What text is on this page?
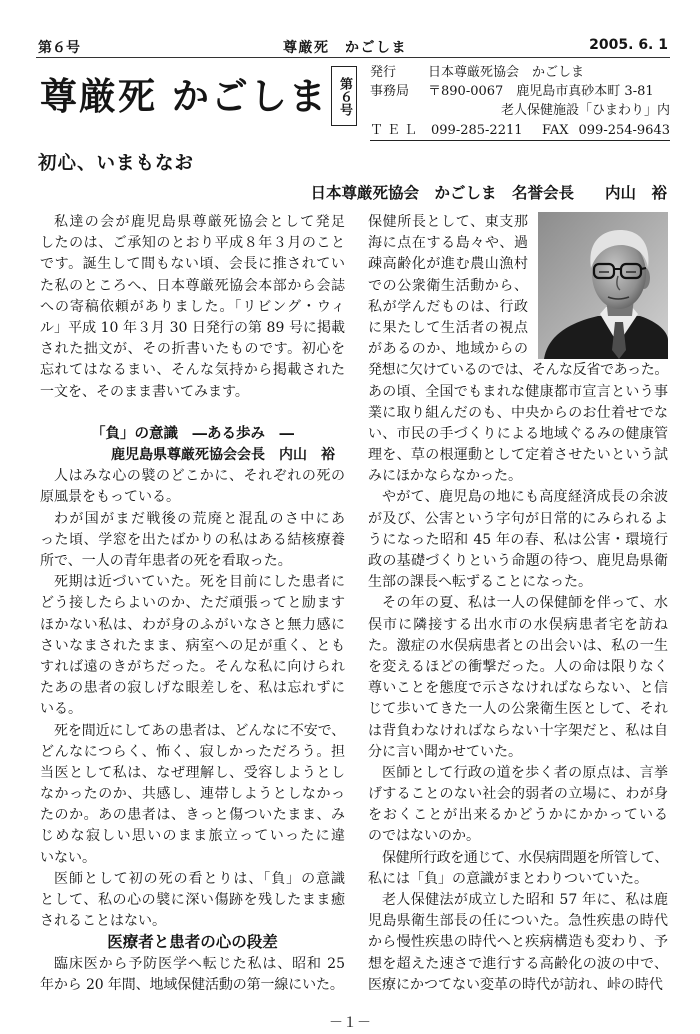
第６号	尊厳死　かごしま	2005. 6. 1
尊厳死 かごしま 第６号
発行	日本尊厳死協会　かごしま
事務局	〒890-0067　鹿児島市真砂本町 3-81
老人保健施設「ひまわり」内
ＴＥＬ 099-285-2211 FAX 099-254-9643
初心、いまもなお
日本尊厳死協会　かごしま　名誉会長　　内山　裕
私達の会が鹿児島県尊厳死協会として発足
したのは、ご承知のとおり平成８年３月のこと
です。誕生して間もない頃、会長に推されてい
た私のところへ、日本尊厳死協会本部から会誌
への寄稿依頼がありました。「リビング・ウィ
ル」平成 10 年３月 30 日発行の第 89 号に掲載
された拙文が、その折書いたものです。初心を
忘れてはなるまい、そんな気持から掲載された
一文を、そのまま書いてみます。
「負」の意識　―ある歩み　―
鹿児島県尊厳死協会会長　内山　裕
人はみな心の襞のどこかに、それぞれの死の
原風景をもっている。
わが国がまだ戦後の荒廃と混乱のさ中にあ
った頃、学窓を出たばかりの私はある結核療養
所で、一人の青年患者の死を看取った。
死期は近づいていた。死を目前にした患者に
どう接したらよいのか、ただ頑張ってと励ます
ほかない私は、わが身のふがいなさと無力感に
さいなまされたまま、病室への足が重く、とも
すれば遠のきがちだった。そんな私に向けられ
たあの患者の寂しげな眼差しを、私は忘れずに
いる。
死を間近にしてあの患者は、どんなに不安で、
どんなにつらく、怖く、寂しかっただろう。担
当医として私は、なぜ理解し、受容しようとし
なかったのか、共感し、連帯しようとしなかっ
たのか。あの患者は、きっと傷ついたまま、み
じめな寂しい思いのまま旅立っていったに違
いない。
医師として初の死の看とりは、「負」の意識
として、私の心の襞に深い傷跡を残したまま癒
されることはない。
医療者と患者の心の段差
臨床医から予防医学へ転じた私は、昭和 25
年から 20 年間、地域保健活動の第一線にいた。
保健所長として、東支那
海に点在する島々や、過
疎高齢化が進む農山漁村
での公衆衛生活動から、
私が学んだものは、行政
に果たして生活者の視点
があるのか、地域からの
発想に欠けているのでは、そんな反省であった。
あの頃、全国でもまれな健康都市宣言という事
業に取り組んだのも、中央からのお仕着せでな
い、市民の手づくりによる地域ぐるみの健康管
理を、草の根運動として定着させたいという試
みにほかならなかった。
やがて、鹿児島の地にも高度経済成長の余波
が及び、公害という字句が日常的にみられるよ
うになった昭和 45 年の春、私は公害・環境行
政の基礎づくりという命題の待つ、鹿児島県衛
生部の課長へ転ずることになった。
その年の夏、私は一人の保健師を伴って、水
俣市に隣接する出水市の水俣病患者宅を訪ね
た。激症の水俣病患者との出会いは、私の一生
を変えるほどの衝撃だった。人の命は限りなく
尊いことを態度で示さなければならない、と信
じて歩いてきた一人の公衆衛生医として、それ
は背負わなければならない十字架だと、私は自
分に言い聞かせていた。
医師として行政の道を歩く者の原点は、言挙
げすることのない社会的弱者の立場に、わが身
をおくことが出来るかどうかにかかっている
のではないのか。
保健所行政を通じて、水俣病問題を所管して、
私には「負」の意識がまとわりついていた。
老人保健法が成立した昭和 57 年に、私は鹿
児島県衛生部長の任についた。急性疾患の時代
から慢性疾患の時代へと疾病構造も変わり、予
想を超えた速さで進行する高齢化の波の中で、
医療にかつてない変革の時代が訪れ、峠の時代
－１－
